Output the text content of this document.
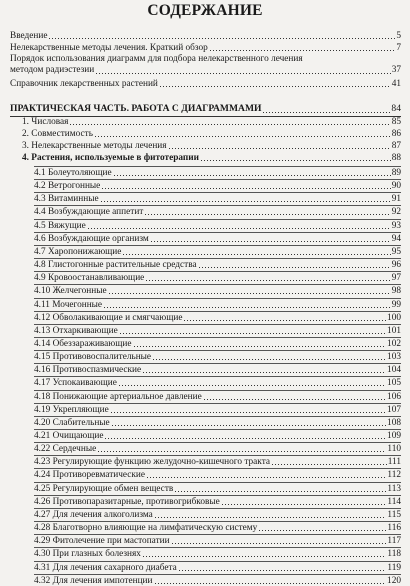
СОДЕРЖАНИЕ
Введение	5
Нелекарственные методы лечения. Краткий обзор	7
Порядок использования диаграмм для подбора нелекарственного лечения
методом радиэстезии	37
Справочник лекарственных растений	41
ПРАКТИЧЕСКАЯ ЧАСТЬ. РАБОТА С ДИАГРАММАМИ	84
1. Числовая	85
2. Совместимость	86
3. Нелекарственные методы лечения	87
4. Растения, используемые в фитотерапии	88
4.1 Болеутоляющие	89
4.2 Ветрогонные	90
4.3 Витаминные	91
4.4 Возбуждающие аппетит	92
4.5 Вяжущие	93
4.6 Возбуждающие организм	94
4.7 Харопонижающие	95
4.8 Глистогонные растительные средства	96
4.9 Кровоостанавливающие	97
4.10 Желчегонные	98
4.11 Мочегонные	99
4.12 Обволакивающие и смягчающие	100
4.13 Отхаркивающие	101
4.14 Обеззараживающие	102
4.15 Противовоспалительные	103
4.16 Противоспазмические	104
4.17 Успокаивающие	105
4.18 Понижающие артериальное давление	106
4.19 Укрепляющие	107
4.20 Слабительные	108
4.21 Очищающие	109
4.22 Сердечные	110
4.23 Регулирующие функцию желудочно-кишечного тракта	111
4.24 Противоревматические	112
4.25 Регулирующие обмен веществ	113
4.26 Противопаразитарные, противогрибковые	114
4.27 Для лечения алкоголизма	115
4.28 Благотворно влияющие на лимфатическую систему	116
4.29 Фитолечение при мастопатии	117
4.30 При глазных болезнях	118
4.31 Для лечения сахарного диабета	119
4.32 Для лечения импотенции	120
